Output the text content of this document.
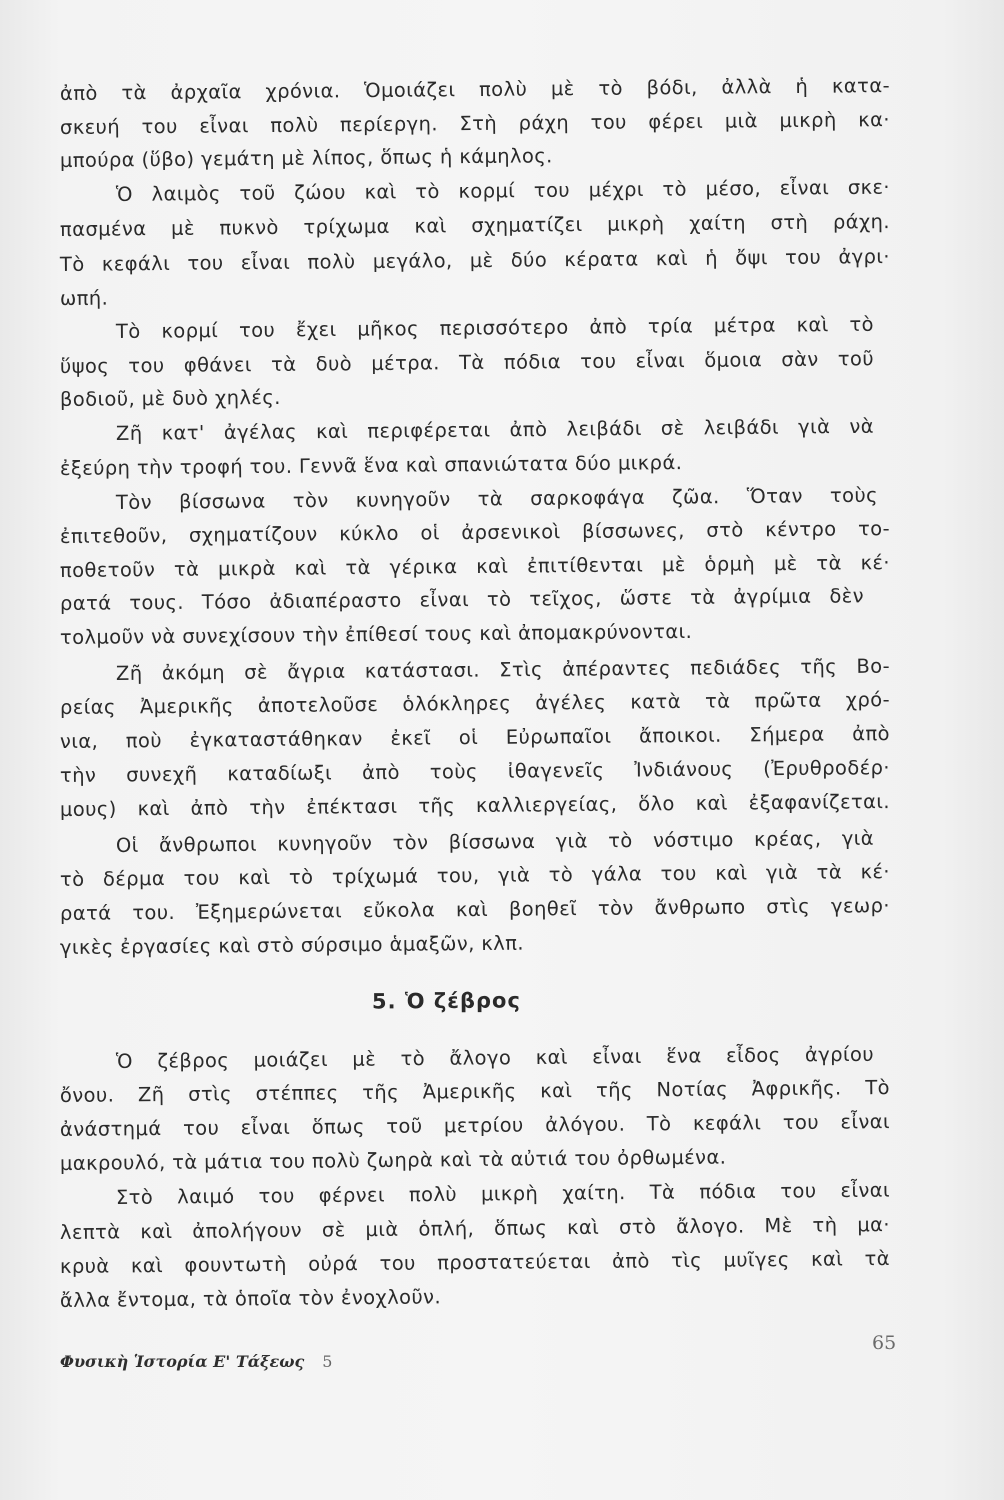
ἀπὸ τὰ ἀρχαῖα χρόνια. Ὁμοιάζει πολὺ μὲ τὸ βόδι, ἀλλὰ ἡ κατα-
σκευή του εἶναι πολὺ περίεργη. Στὴ ράχη του φέρει μιὰ μικρὴ κα·
μπούρα (ὕβο) γεμάτη μὲ λίπος, ὅπως ἡ κάμηλος.
Ὁ λαιμὸς τοῦ ζώου καὶ τὸ κορμί του μέχρι τὸ μέσο, εἶναι σκε·
πασμένα μὲ πυκνὸ τρίχωμα καὶ σχηματίζει μικρὴ χαίτη στὴ ράχη.
Τὸ κεφάλι του εἶναι πολὺ μεγάλο, μὲ δύο κέρατα καὶ ἡ ὄψι του ἀγρι·
ωπή.
Τὸ κορμί του ἔχει μῆκος περισσότερο ἀπὸ τρία μέτρα καὶ τὸ
ὕψος του φθάνει τὰ δυὸ μέτρα. Τὰ πόδια του εἶναι ὅμοια σὰν τοῦ
βοδιοῦ, μὲ δυὸ χηλές.
Ζῆ κατ' ἀγέλας καὶ περιφέρεται ἀπὸ λειβάδι σὲ λειβάδι γιὰ νὰ
ἐξεύρη τὴν τροφή του. Γεννᾶ ἕνα καὶ σπανιώτατα δύο μικρά.
Τὸν βίσσωνα τὸν κυνηγοῦν τὰ σαρκοφάγα ζῶα. Ὅταν τοὺς
ἐπιτεθοῦν, σχηματίζουν κύκλο οἱ ἀρσενικοὶ βίσσωνες, στὸ κέντρο το-
ποθετοῦν τὰ μικρὰ καὶ τὰ γέρικα καὶ ἐπιτίθενται μὲ ὁρμὴ μὲ τὰ κέ·
ρατά τους. Τόσο ἀδιαπέραστο εἶναι τὸ τεῖχος, ὥστε τὰ ἀγρίμια δὲν
τολμοῦν νὰ συνεχίσουν τὴν ἐπίθεσί τους καὶ ἀπομακρύνονται.
Ζῆ ἀκόμη σὲ ἄγρια κατάστασι. Στὶς ἀπέραντες πεδιάδες τῆς Βο-
ρείας Ἀμερικῆς ἀποτελοῦσε ὁλόκληρες ἀγέλες κατὰ τὰ πρῶτα χρό-
νια, ποὺ ἐγκαταστάθηκαν ἐκεῖ οἱ Εὐρωπαῖοι ἄποικοι. Σήμερα ἀπὸ
τὴν συνεχῆ καταδίωξι ἀπὸ τοὺς ἰθαγενεῖς Ἰνδιάνους (Ἐρυθροδέρ·
μους) καὶ ἀπὸ τὴν ἐπέκτασι τῆς καλλιεργείας, ὅλο καὶ ἐξαφανίζεται.
Οἱ ἄνθρωποι κυνηγοῦν τὸν βίσσωνα γιὰ τὸ νόστιμο κρέας, γιὰ
τὸ δέρμα του καὶ τὸ τρίχωμά του, γιὰ τὸ γάλα του καὶ γιὰ τὰ κέ·
ρατά του. Ἐξημερώνεται εὔκολα καὶ βοηθεῖ τὸν ἄνθρωπο στὶς γεωρ·
γικὲς ἐργασίες καὶ στὸ σύρσιμο ἁμαξῶν, κλπ.
5. Ὁ ζέβρος
Ὁ ζέβρος μοιάζει μὲ τὸ ἄλογο καὶ εἶναι ἕνα εἶδος ἀγρίου
ὄνου. Ζῆ στὶς στέππες τῆς Ἀμερικῆς καὶ τῆς Νοτίας Ἀφρικῆς. Τὸ
ἀνάστημά του εἶναι ὅπως τοῦ μετρίου ἀλόγου. Τὸ κεφάλι του εἶναι
μακρουλό, τὰ μάτια του πολὺ ζωηρὰ καὶ τὰ αὐτιά του ὀρθωμένα.
Στὸ λαιμό του φέρνει πολὺ μικρὴ χαίτη. Τὰ πόδια του εἶναι
λεπτὰ καὶ ἀπολήγουν σὲ μιὰ ὁπλή, ὅπως καὶ στὸ ἄλογο. Μὲ τὴ μα·
κρυὰ καὶ φουντωτὴ οὐρά του προστατεύεται ἀπὸ τὶς μυῖγες καὶ τὰ
ἄλλα ἔντομα, τὰ ὁποῖα τὸν ἐνοχλοῦν.
Φυσικὴ Ἱστορία Ε' Τάξεως 5
65
